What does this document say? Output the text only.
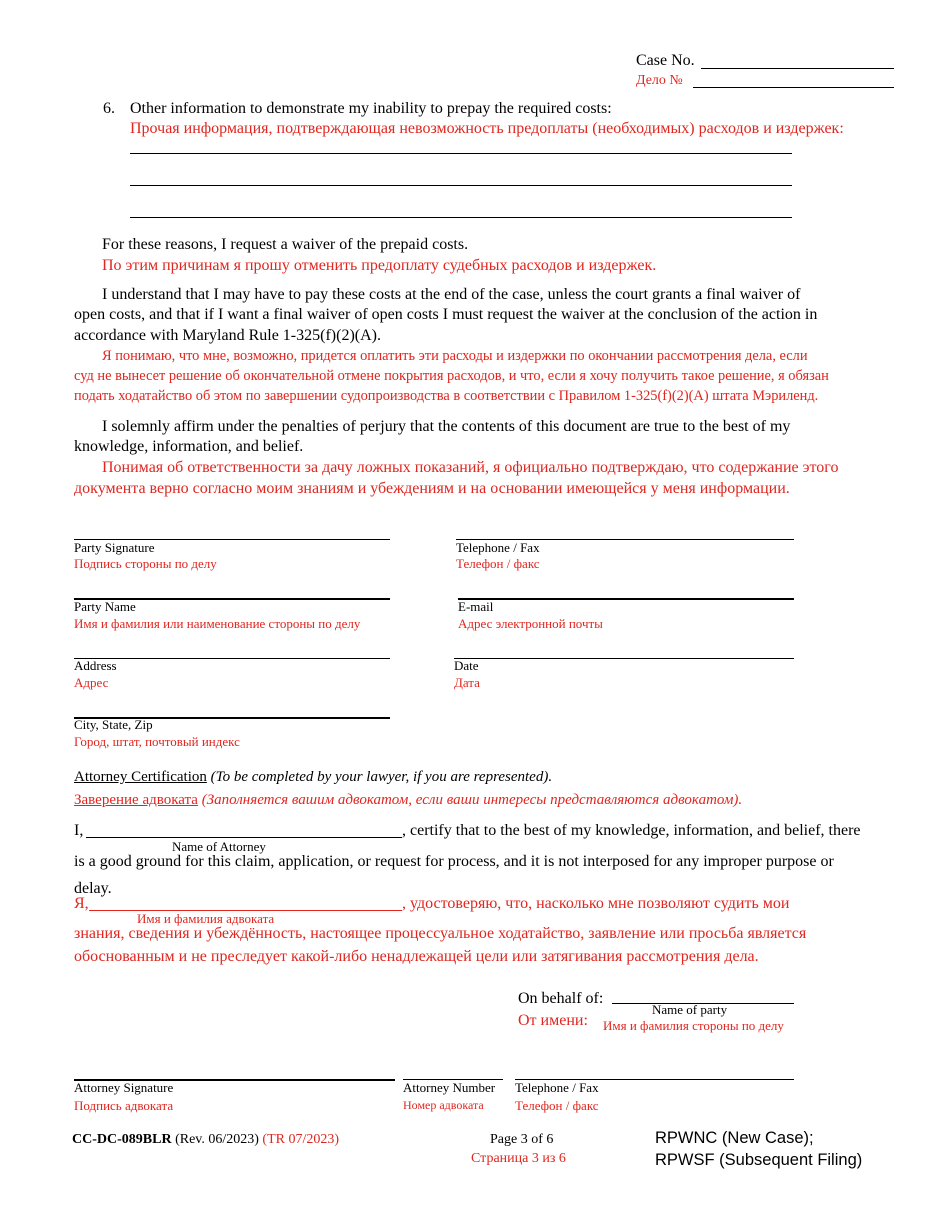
Case No.
Дело №
6. Other information to demonstrate my inability to prepay the required costs:
Прочая информация, подтверждающая невозможность предоплаты (необходимых) расходов и издержек:
For these reasons, I request a waiver of the prepaid costs.
По этим причинам я прошу отменить предоплату судебных расходов и издержек.
I understand that I may have to pay these costs at the end of the case, unless the court grants a final waiver of
open costs, and that if I want a final waiver of open costs I must request the waiver at the conclusion of the action in
accordance with Maryland Rule 1-325(f)(2)(A).
Я понимаю, что мне, возможно, придется оплатить эти расходы и издержки по окончании рассмотрения дела, если
суд не вынесет решение об окончательной отмене покрытия расходов, и что, если я хочу получить такое решение, я обязан
подать ходатайство об этом по завершении судопроизводства в соответствии с Правилом 1-325(f)(2)(A) штата Мэриленд.
I solemnly affirm under the penalties of perjury that the contents of this document are true to the best of my
knowledge, information, and belief.
Понимая об ответственности за дачу ложных показаний, я официально подтверждаю, что содержание этого
документа верно согласно моим знаниям и убеждениям и на основании имеющейся у меня информации.
Party Signature
Подпись стороны по делу
Telephone / Fax
Телефон / факс
Party Name
Имя и фамилия или наименование стороны по делу
E-mail
Адрес электронной почты
Address
Адрес
Date
Дата
City, State, Zip
Город, штат, почтовый индекс
Attorney Certification (To be completed by your lawyer, if you are represented).
Заверение адвоката (Заполняется вашим адвокатом, если ваши интересы представляются адвокатом).
I,	, certify that to the best of my knowledge, information, and belief, there
Name of Attorney
is a good ground for this claim, application, or request for process, and it is not interposed for any improper purpose or
delay.
Я,	, удостоверяю, что, насколько мне позволяют судить мои
Имя и фамилия адвоката
знания, сведения и убеждённость, настоящее процессуальное ходатайство, заявление или просьба является
обоснованным и не преследует какой-либо ненадлежащей цели или затягивания рассмотрения дела.
On behalf of:
Name of party
От имени: Имя и фамилия стороны по делу
Attorney Signature
Подпись адвоката
Attorney Number
Номер адвоката
Telephone / Fax
Телефон / факс
CC-DC-089BLR (Rev. 06/2023) (TR 07/2023)	Page 3 of 6
Страница 3 из 6
RPWNC (New Case);
RPWSF (Subsequent Filing)
